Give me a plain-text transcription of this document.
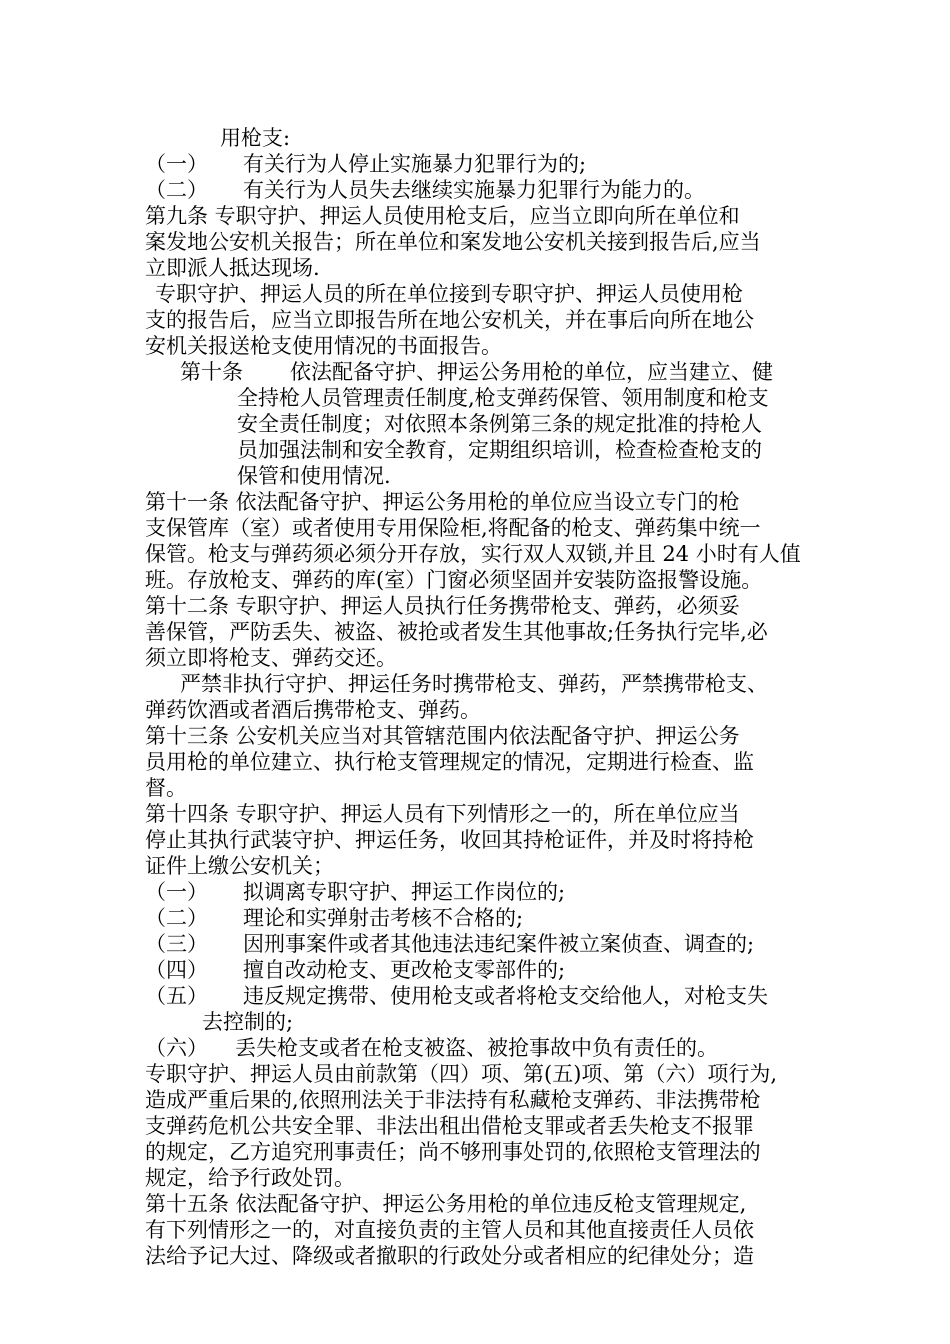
用枪支:
（一） 有关行为人停止实施暴力犯罪行为的;
（二） 有关行为人员失去继续实施暴力犯罪行为能力的。
第九条 专职守护、押运人员使用枪支后，应当立即向所在单位和
案发地公安机关报告；所在单位和案发地公安机关接到报告后,应当
立即派人抵达现场.
专职守护、押运人员的所在单位接到专职守护、押运人员使用枪
支的报告后，应当立即报告所在地公安机关，并在事后向所在地公
安机关报送枪支使用情况的书面报告。
第十条 依法配备守护、押运公务用枪的单位，应当建立、健
全持枪人员管理责任制度,枪支弹药保管、领用制度和枪支
安全责任制度；对依照本条例第三条的规定批准的持枪人
员加强法制和安全教育，定期组织培训，检查检查枪支的
保管和使用情况.
第十一条 依法配备守护、押运公务用枪的单位应当设立专门的枪
支保管库（室）或者使用专用保险柜,将配备的枪支、弹药集中统一
保管。枪支与弹药须必须分开存放，实行双人双锁,并且 24 小时有人值
班。存放枪支、弹药的库(室）门窗必须坚固并安装防盗报警设施。
第十二条 专职守护、押运人员执行任务携带枪支、弹药，必须妥
善保管，严防丢失、被盗、被抢或者发生其他事故;任务执行完毕,必
须立即将枪支、弹药交还。
严禁非执行守护、押运任务时携带枪支、弹药，严禁携带枪支、
弹药饮酒或者酒后携带枪支、弹药。
第十三条 公安机关应当对其管辖范围内依法配备守护、押运公务
员用枪的单位建立、执行枪支管理规定的情况，定期进行检查、监
督。
第十四条 专职守护、押运人员有下列情形之一的，所在单位应当
停止其执行武装守护、押运任务，收回其持枪证件，并及时将持枪
证件上缴公安机关；
（一） 拟调离专职守护、押运工作岗位的;
（二） 理论和实弹射击考核不合格的;
（三） 因刑事案件或者其他违法违纪案件被立案侦查、调查的;
（四） 擅自改动枪支、更改枪支零部件的;
（五） 违反规定携带、使用枪支或者将枪支交给他人，对枪支失
去控制的;
（六） 丢失枪支或者在枪支被盗、被抢事故中负有责任的。
专职守护、押运人员由前款第（四）项、第(五)项、第（六）项行为,
造成严重后果的,依照刑法关于非法持有私藏枪支弹药、非法携带枪
支弹药危机公共安全罪、非法出租出借枪支罪或者丢失枪支不报罪
的规定，乙方追究刑事责任；尚不够刑事处罚的,依照枪支管理法的
规定，给予行政处罚。
第十五条 依法配备守护、押运公务用枪的单位违反枪支管理规定,
有下列情形之一的，对直接负责的主管人员和其他直接责任人员依
法给予记大过、降级或者撤职的行政处分或者相应的纪律处分；造
